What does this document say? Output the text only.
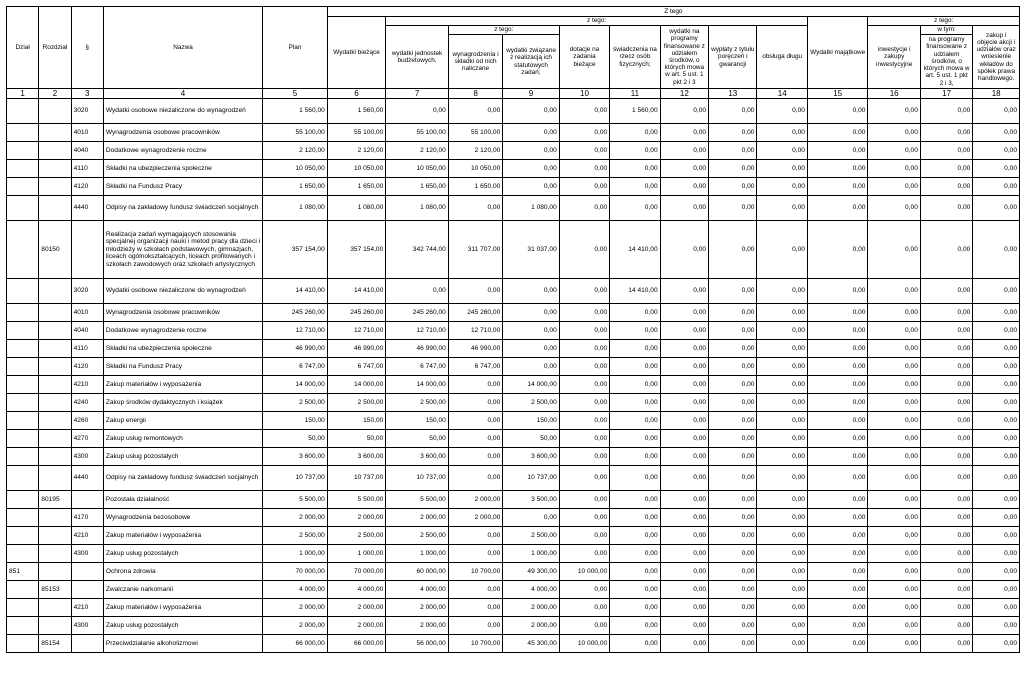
Dział	Rozdział	§	Nazwa	Plan	Z tego												
					Wydatki bieżące	z tego:								Wydatki majątkowe	z tego:		
						wydatki jednostek budżetowych,	z tego:		dotacje na zadania bieżące	świadczenia na rzecz osób fizycznych;	wydatki na programy finansowane z udziałem środków, o których mowa w art. 5 ust. 1 pkt 2 i 3	wypłaty z tytułu poręczeń i gwarancji	obsługa długu		inwestycje i zakupy inwestycyjne	w tym:	zakup i objęcie akcji i udziałów oraz wniesienie wkładów do spółek prawa handlowego.
							wynagrodzenia i składki od nich naliczane	wydatki związane z realizacją ich statutowych zadań;								na programy finansowane z udziałem środków, o których mowa w art. 5 ust. 1 pkt 2 i 3,	
1	2	3	4	5	6	7	8	9	10	11	12	13	14	15	16	17	18
		3020	Wydatki osobowe niezaliczone do wynagrodzeń	1 560,00	1 560,00	0,00	0,00	0,00	0,00	1 560,00	0,00	0,00	0,00	0,00	0,00	0,00	0,00
		4010	Wynagrodzenia osobowe pracowników	55 100,00	55 100,00	55 100,00	55 100,00	0,00	0,00	0,00	0,00	0,00	0,00	0,00	0,00	0,00	0,00
		4040	Dodatkowe wynagrodzenie roczne	2 120,00	2 120,00	2 120,00	2 120,00	0,00	0,00	0,00	0,00	0,00	0,00	0,00	0,00	0,00	0,00
		4110	Składki na ubezpieczenia społeczne	10 050,00	10 050,00	10 050,00	10 050,00	0,00	0,00	0,00	0,00	0,00	0,00	0,00	0,00	0,00	0,00
		4120	Składki na Fundusz Pracy	1 650,00	1 650,00	1 650,00	1 650,00	0,00	0,00	0,00	0,00	0,00	0,00	0,00	0,00	0,00	0,00
		4440	Odpisy na zakładowy fundusz świadczeń socjalnych	1 080,00	1 080,00	1 080,00	0,00	1 080,00	0,00	0,00	0,00	0,00	0,00	0,00	0,00	0,00	0,00
	80150		Realizacja zadań wymagających stosowania specjalnej organizacji nauki i metod pracy dla dzieci i młodzieży w szkołach podstawowych, gimnazjach, liceach ogólnokształcących, liceach profilowanych i szkołach zawodowych oraz szkołach artystycznych	357 154,00	357 154,00	342 744,00	311 707,00	31 037,00	0,00	14 410,00	0,00	0,00	0,00	0,00	0,00	0,00	0,00
		3020	Wydatki osobowe niezaliczone do wynagrodzeń	14 410,00	14 410,00	0,00	0,00	0,00	0,00	14 410,00	0,00	0,00	0,00	0,00	0,00	0,00	0,00
		4010	Wynagrodzenia osobowe pracowników	245 260,00	245 260,00	245 260,00	245 260,00	0,00	0,00	0,00	0,00	0,00	0,00	0,00	0,00	0,00	0,00
		4040	Dodatkowe wynagrodzenie roczne	12 710,00	12 710,00	12 710,00	12 710,00	0,00	0,00	0,00	0,00	0,00	0,00	0,00	0,00	0,00	0,00
		4110	Składki na ubezpieczenia społeczne	46 990,00	46 990,00	46 990,00	46 990,00	0,00	0,00	0,00	0,00	0,00	0,00	0,00	0,00	0,00	0,00
		4120	Składki na Fundusz Pracy	6 747,00	6 747,00	6 747,00	6 747,00	0,00	0,00	0,00	0,00	0,00	0,00	0,00	0,00	0,00	0,00
		4210	Zakup materiałów i wyposażenia	14 000,00	14 000,00	14 000,00	0,00	14 000,00	0,00	0,00	0,00	0,00	0,00	0,00	0,00	0,00	0,00
		4240	Zakup środków dydaktycznych i książek	2 500,00	2 500,00	2 500,00	0,00	2 500,00	0,00	0,00	0,00	0,00	0,00	0,00	0,00	0,00	0,00
		4260	Zakup energii	150,00	150,00	150,00	0,00	150,00	0,00	0,00	0,00	0,00	0,00	0,00	0,00	0,00	0,00
		4270	Zakup usług remontowych	50,00	50,00	50,00	0,00	50,00	0,00	0,00	0,00	0,00	0,00	0,00	0,00	0,00	0,00
		4300	Zakup usług pozostałych	3 600,00	3 600,00	3 600,00	0,00	3 600,00	0,00	0,00	0,00	0,00	0,00	0,00	0,00	0,00	0,00
		4440	Odpisy na zakładowy fundusz świadczeń socjalnych	10 737,00	10 737,00	10 737,00	0,00	10 737,00	0,00	0,00	0,00	0,00	0,00	0,00	0,00	0,00	0,00
	80195		Pozostała działalność	5 500,00	5 500,00	5 500,00	2 000,00	3 500,00	0,00	0,00	0,00	0,00	0,00	0,00	0,00	0,00	0,00
		4170	Wynagrodzenia bezosobowe	2 000,00	2 000,00	2 000,00	2 000,00	0,00	0,00	0,00	0,00	0,00	0,00	0,00	0,00	0,00	0,00
		4210	Zakup materiałów i wyposażenia	2 500,00	2 500,00	2 500,00	0,00	2 500,00	0,00	0,00	0,00	0,00	0,00	0,00	0,00	0,00	0,00
		4300	Zakup usług pozostałych	1 000,00	1 000,00	1 000,00	0,00	1 000,00	0,00	0,00	0,00	0,00	0,00	0,00	0,00	0,00	0,00
851			Ochrona zdrowia	70 000,00	70 000,00	60 000,00	10 700,00	49 300,00	10 000,00	0,00	0,00	0,00	0,00	0,00	0,00	0,00	0,00
	85153		Zwalczanie narkomanii	4 000,00	4 000,00	4 000,00	0,00	4 000,00	0,00	0,00	0,00	0,00	0,00	0,00	0,00	0,00	0,00
		4210	Zakup materiałów i wyposażenia	2 000,00	2 000,00	2 000,00	0,00	2 000,00	0,00	0,00	0,00	0,00	0,00	0,00	0,00	0,00	0,00
		4300	Zakup usług pozostałych	2 000,00	2 000,00	2 000,00	0,00	2 000,00	0,00	0,00	0,00	0,00	0,00	0,00	0,00	0,00	0,00
	85154		Przeciwdziałanie alkoholizmowi	66 000,00	66 000,00	56 000,00	10 700,00	45 300,00	10 000,00	0,00	0,00	0,00	0,00	0,00	0,00	0,00	0,00
